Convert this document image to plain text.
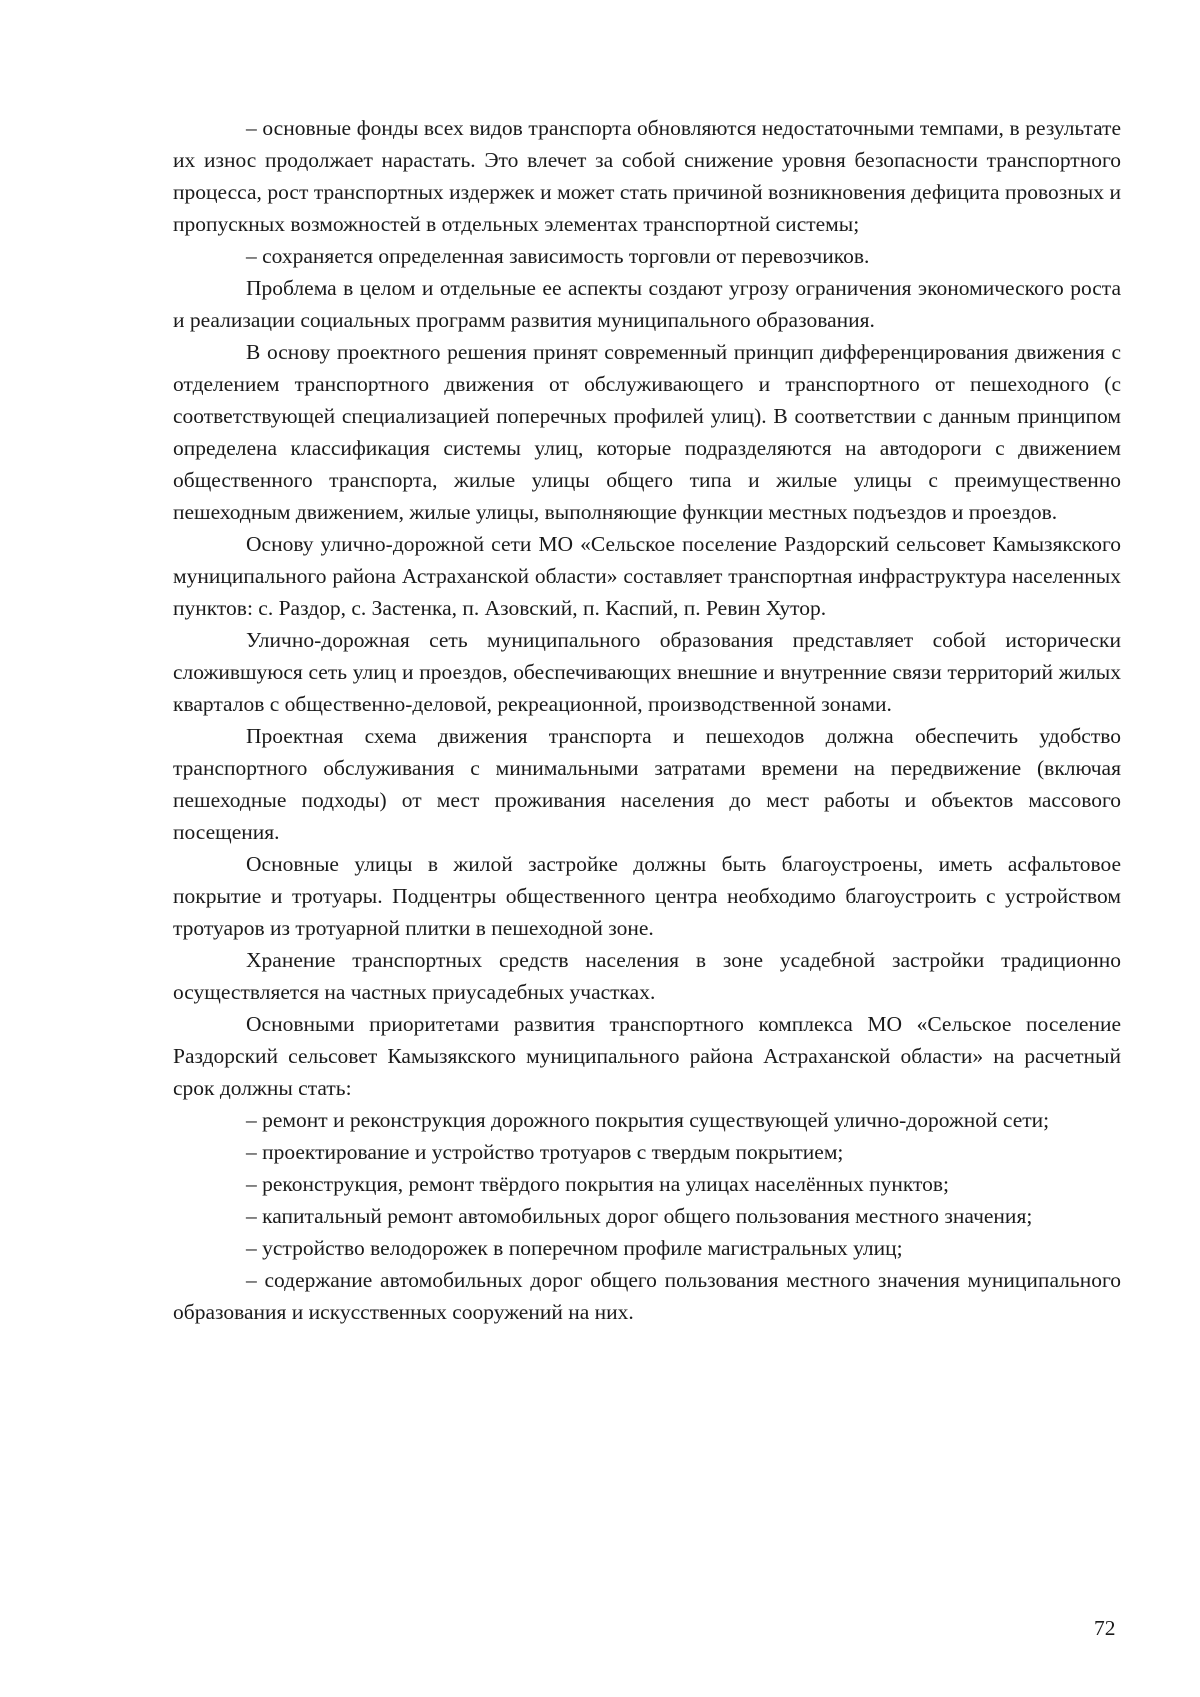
– основные фонды всех видов транспорта обновляются недостаточными темпами, в результате их износ продолжает нарастать. Это влечет за собой снижение уровня безопасности транспортного процесса, рост транспортных издержек и может стать причиной возникновения дефицита провозных и пропускных возможностей в отдельных элементах транспортной системы;

– сохраняется определенная зависимость торговли от перевозчиков.

Проблема в целом и отдельные ее аспекты создают угрозу ограничения экономического роста и реализации социальных программ развития муниципального образования.

В основу проектного решения принят современный принцип дифференцирования движения с отделением транспортного движения от обслуживающего и транспортного от пешеходного (с соответствующей специализацией поперечных профилей улиц). В соответствии с данным принципом определена классификация системы улиц, которые подразделяются на автодороги с движением общественного транспорта, жилые улицы общего типа и жилые улицы с преимущественно пешеходным движением, жилые улицы, выполняющие функции местных подъездов и проездов.

Основу улично-дорожной сети МО «Сельское поселение Раздорский сельсовет Камызякского муниципального района Астраханской области» составляет транспортная инфраструктура населенных пунктов: с. Раздор, с. Застенка, п. Азовский, п. Каспий, п. Ревин Хутор.

Улично-дорожная сеть муниципального образования представляет собой исторически сложившуюся сеть улиц и проездов, обеспечивающих внешние и внутренние связи территорий жилых кварталов с общественно-деловой, рекреационной, производственной зонами.

Проектная схема движения транспорта и пешеходов должна обеспечить удобство транспортного обслуживания с минимальными затратами времени на передвижение (включая пешеходные подходы) от мест проживания населения до мест работы и объектов массового посещения.

Основные улицы в жилой застройке должны быть благоустроены, иметь асфальтовое покрытие и тротуары. Подцентры общественного центра необходимо благоустроить с устройством тротуаров из тротуарной плитки в пешеходной зоне.

Хранение транспортных средств населения в зоне усадебной застройки традиционно осуществляется на частных приусадебных участках.

Основными приоритетами развития транспортного комплекса МО «Сельское поселение Раздорский сельсовет Камызякского муниципального района Астраханской области» на расчетный срок должны стать:

– ремонт и реконструкция дорожного покрытия существующей улично-дорожной сети;

– проектирование и устройство тротуаров с твердым покрытием;

– реконструкция, ремонт твёрдого покрытия на улицах населённых пунктов;

– капитальный ремонт автомобильных дорог общего пользования местного значения;

– устройство велодорожек в поперечном профиле магистральных улиц;

– содержание автомобильных дорог общего пользования местного значения муниципального образования и искусственных сооружений на них.

72
